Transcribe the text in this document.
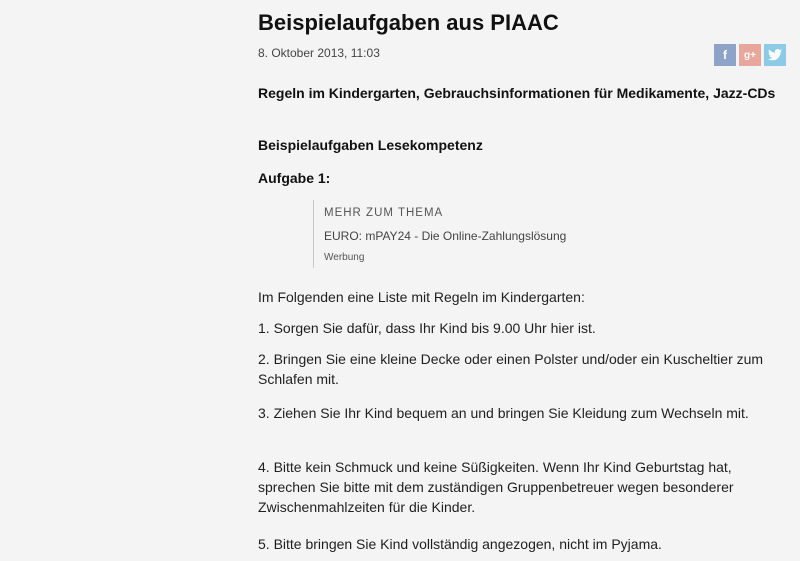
Beispielaufgaben aus PIAAC
8. Oktober 2013, 11:03	f g+
Regeln im Kindergarten, Gebrauchsinformationen für Medikamente, Jazz-CDs
Beispielaufgaben Lesekompetenz
Aufgabe 1:
MEHR ZUM THEMA
EURO: mPAY24 - Die Online-Zahlungslösung
Werbung

Im Folgenden eine Liste mit Regeln im Kindergarten:

1. Sorgen Sie dafür, dass Ihr Kind bis 9.00 Uhr hier ist.

2. Bringen Sie eine kleine Decke oder einen Polster und/oder ein Kuscheltier zum Schlafen mit.

3. Ziehen Sie Ihr Kind bequem an und bringen Sie Kleidung zum Wechseln mit.

4. Bitte kein Schmuck und keine Süßigkeiten. Wenn Ihr Kind Geburtstag hat, sprechen Sie bitte mit dem zuständigen Gruppenbetreuer wegen besonderer Zwischenmahlzeiten für die Kinder.

5. Bitte bringen Sie Kind vollständig angezogen, nicht im Pyjama.
